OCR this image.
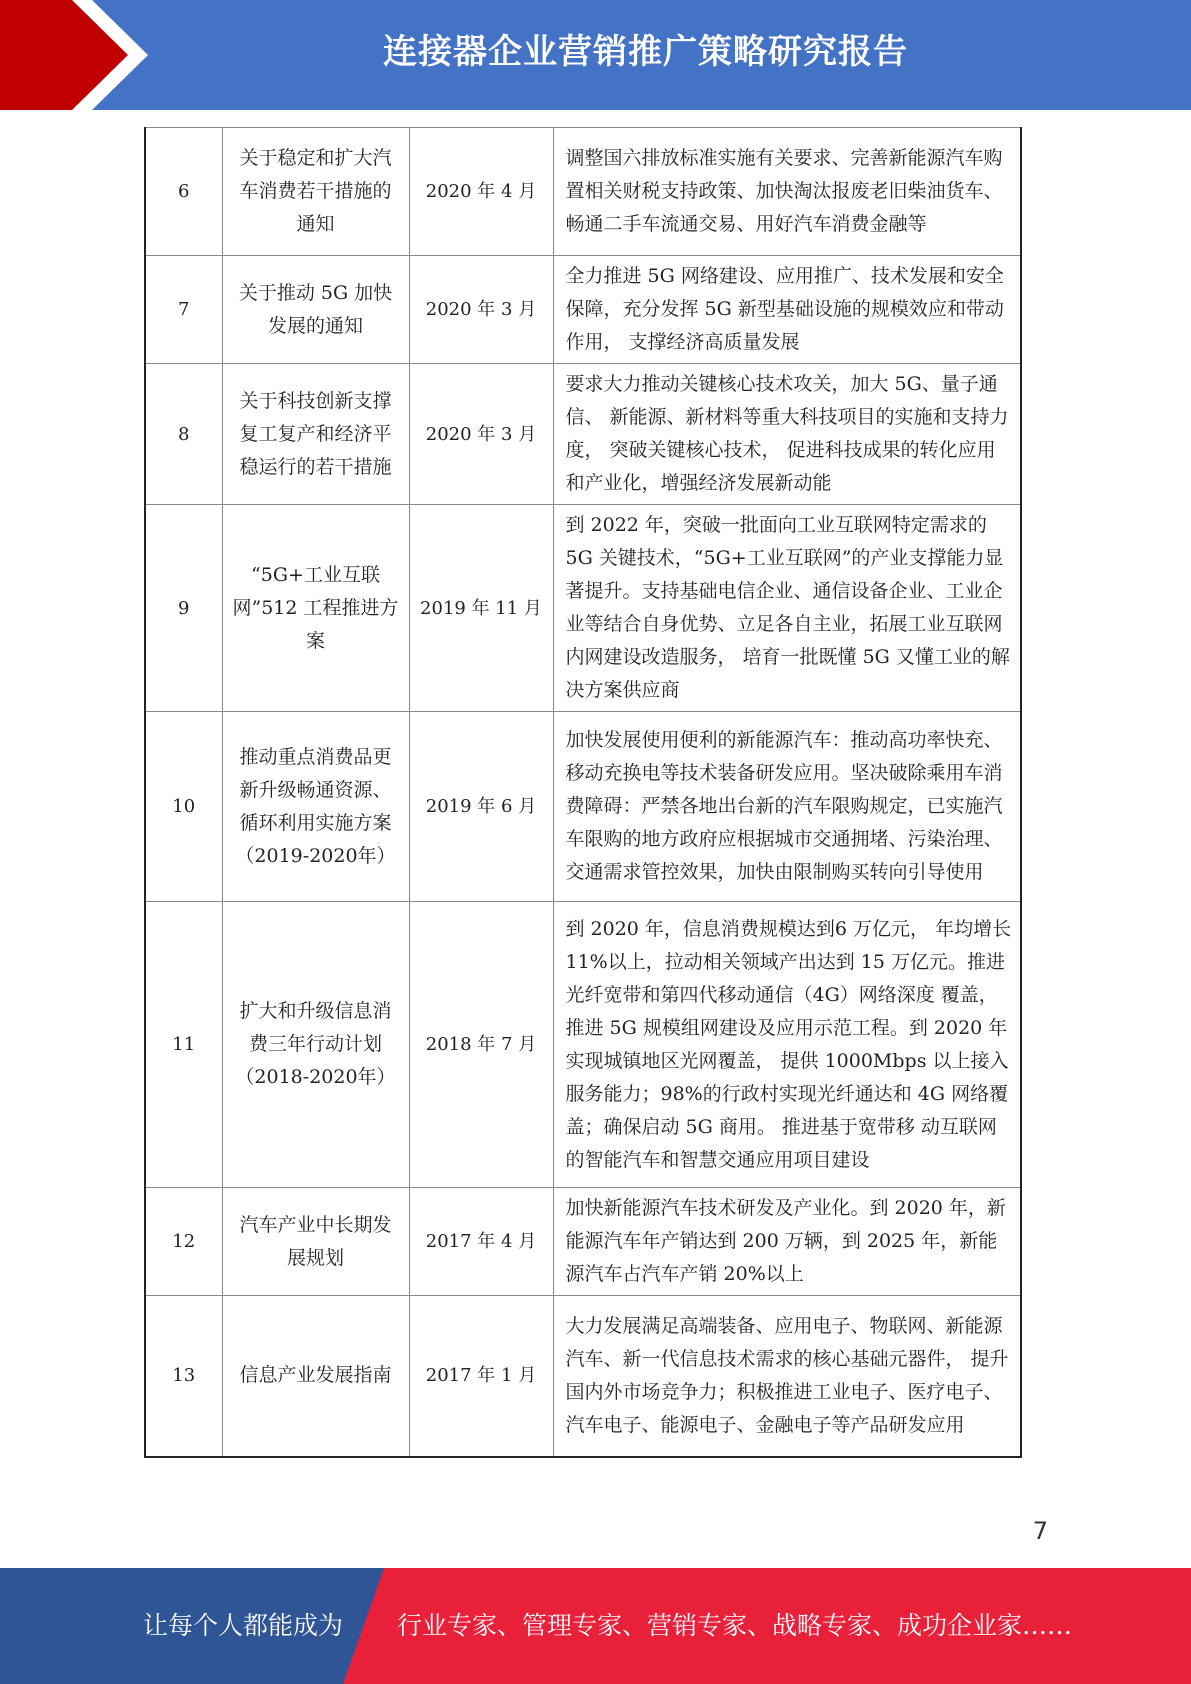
连接器企业营销推广策略研究报告
6	关于稳定和扩大汽车消费若干措施的通知	2020 年 4 月	调整国六排放标准实施有关要求、完善新能源汽车购置相关财税支持政策、加快淘汰报废老旧柴油货车、畅通二手车流通交易、用好汽车消费金融等
7	关于推动 5G 加快发展的通知	2020 年 3 月	全力推进 5G 网络建设、应用推广、技术发展和安全保障，充分发挥 5G 新型基础设施的规模效应和带动作用， 支撑经济高质量发展
8	关于科技创新支撑复工复产和经济平稳运行的若干措施	2020 年 3 月	要求大力推动关键核心技术攻关，加大 5G、量子通信、 新能源、新材料等重大科技项目的实施和支持力度， 突破关键核心技术， 促进科技成果的转化应用和产业化，增强经济发展新动能
9	“5G+工业互联网”512 工程推进方案	2019 年 11 月	到 2022 年，突破一批面向工业互联网特定需求的 5G 关键技术，“5G+工业互联网”的产业支撑能力显著提升。支持基础电信企业、通信设备企业、工业企业等结合自身优势、立足各自主业，拓展工业互联网内网建设改造服务， 培育一批既懂 5G 又懂工业的解决方案供应商
10	推动重点消费品更新升级畅通资源、循环利用实施方案（2019-2020年）	2019 年 6 月	加快发展使用便利的新能源汽车：推动高功率快充、移动充换电等技术装备研发应用。坚决破除乘用车消费障碍：严禁各地出台新的汽车限购规定，已实施汽车限购的地方政府应根据城市交通拥堵、污染治理、交通需求管控效果，加快由限制购买转向引导使用
11	扩大和升级信息消费三年行动计划（2018-2020年）	2018 年 7 月	到 2020 年，信息消费规模达到6 万亿元， 年均增长 11%以上，拉动相关领域产出达到 15 万亿元。推进光纤宽带和第四代移动通信（4G）网络深度 覆盖， 推进 5G 规模组网建设及应用示范工程。到 2020 年实现城镇地区光网覆盖， 提供 1000Mbps 以上接入服务能力；98%的行政村实现光纤通达和 4G 网络覆盖；确保启动 5G 商用。 推进基于宽带移 动互联网的智能汽车和智慧交通应用项目建设
12	汽车产业中长期发展规划	2017 年 4 月	加快新能源汽车技术研发及产业化。到 2020 年，新能源汽车年产销达到 200 万辆，到 2025 年，新能源汽车占汽车产销 20%以上
13	信息产业发展指南	2017 年 1 月	大力发展满足高端装备、应用电子、物联网、新能源汽车、新一代信息技术需求的核心基础元器件， 提升国内外市场竞争力；积极推进工业电子、医疗电子、汽车电子、能源电子、金融电子等产品研发应用
7
让每个人都能成为 行业专家、管理专家、营销专家、战略专家、成功企业家……
